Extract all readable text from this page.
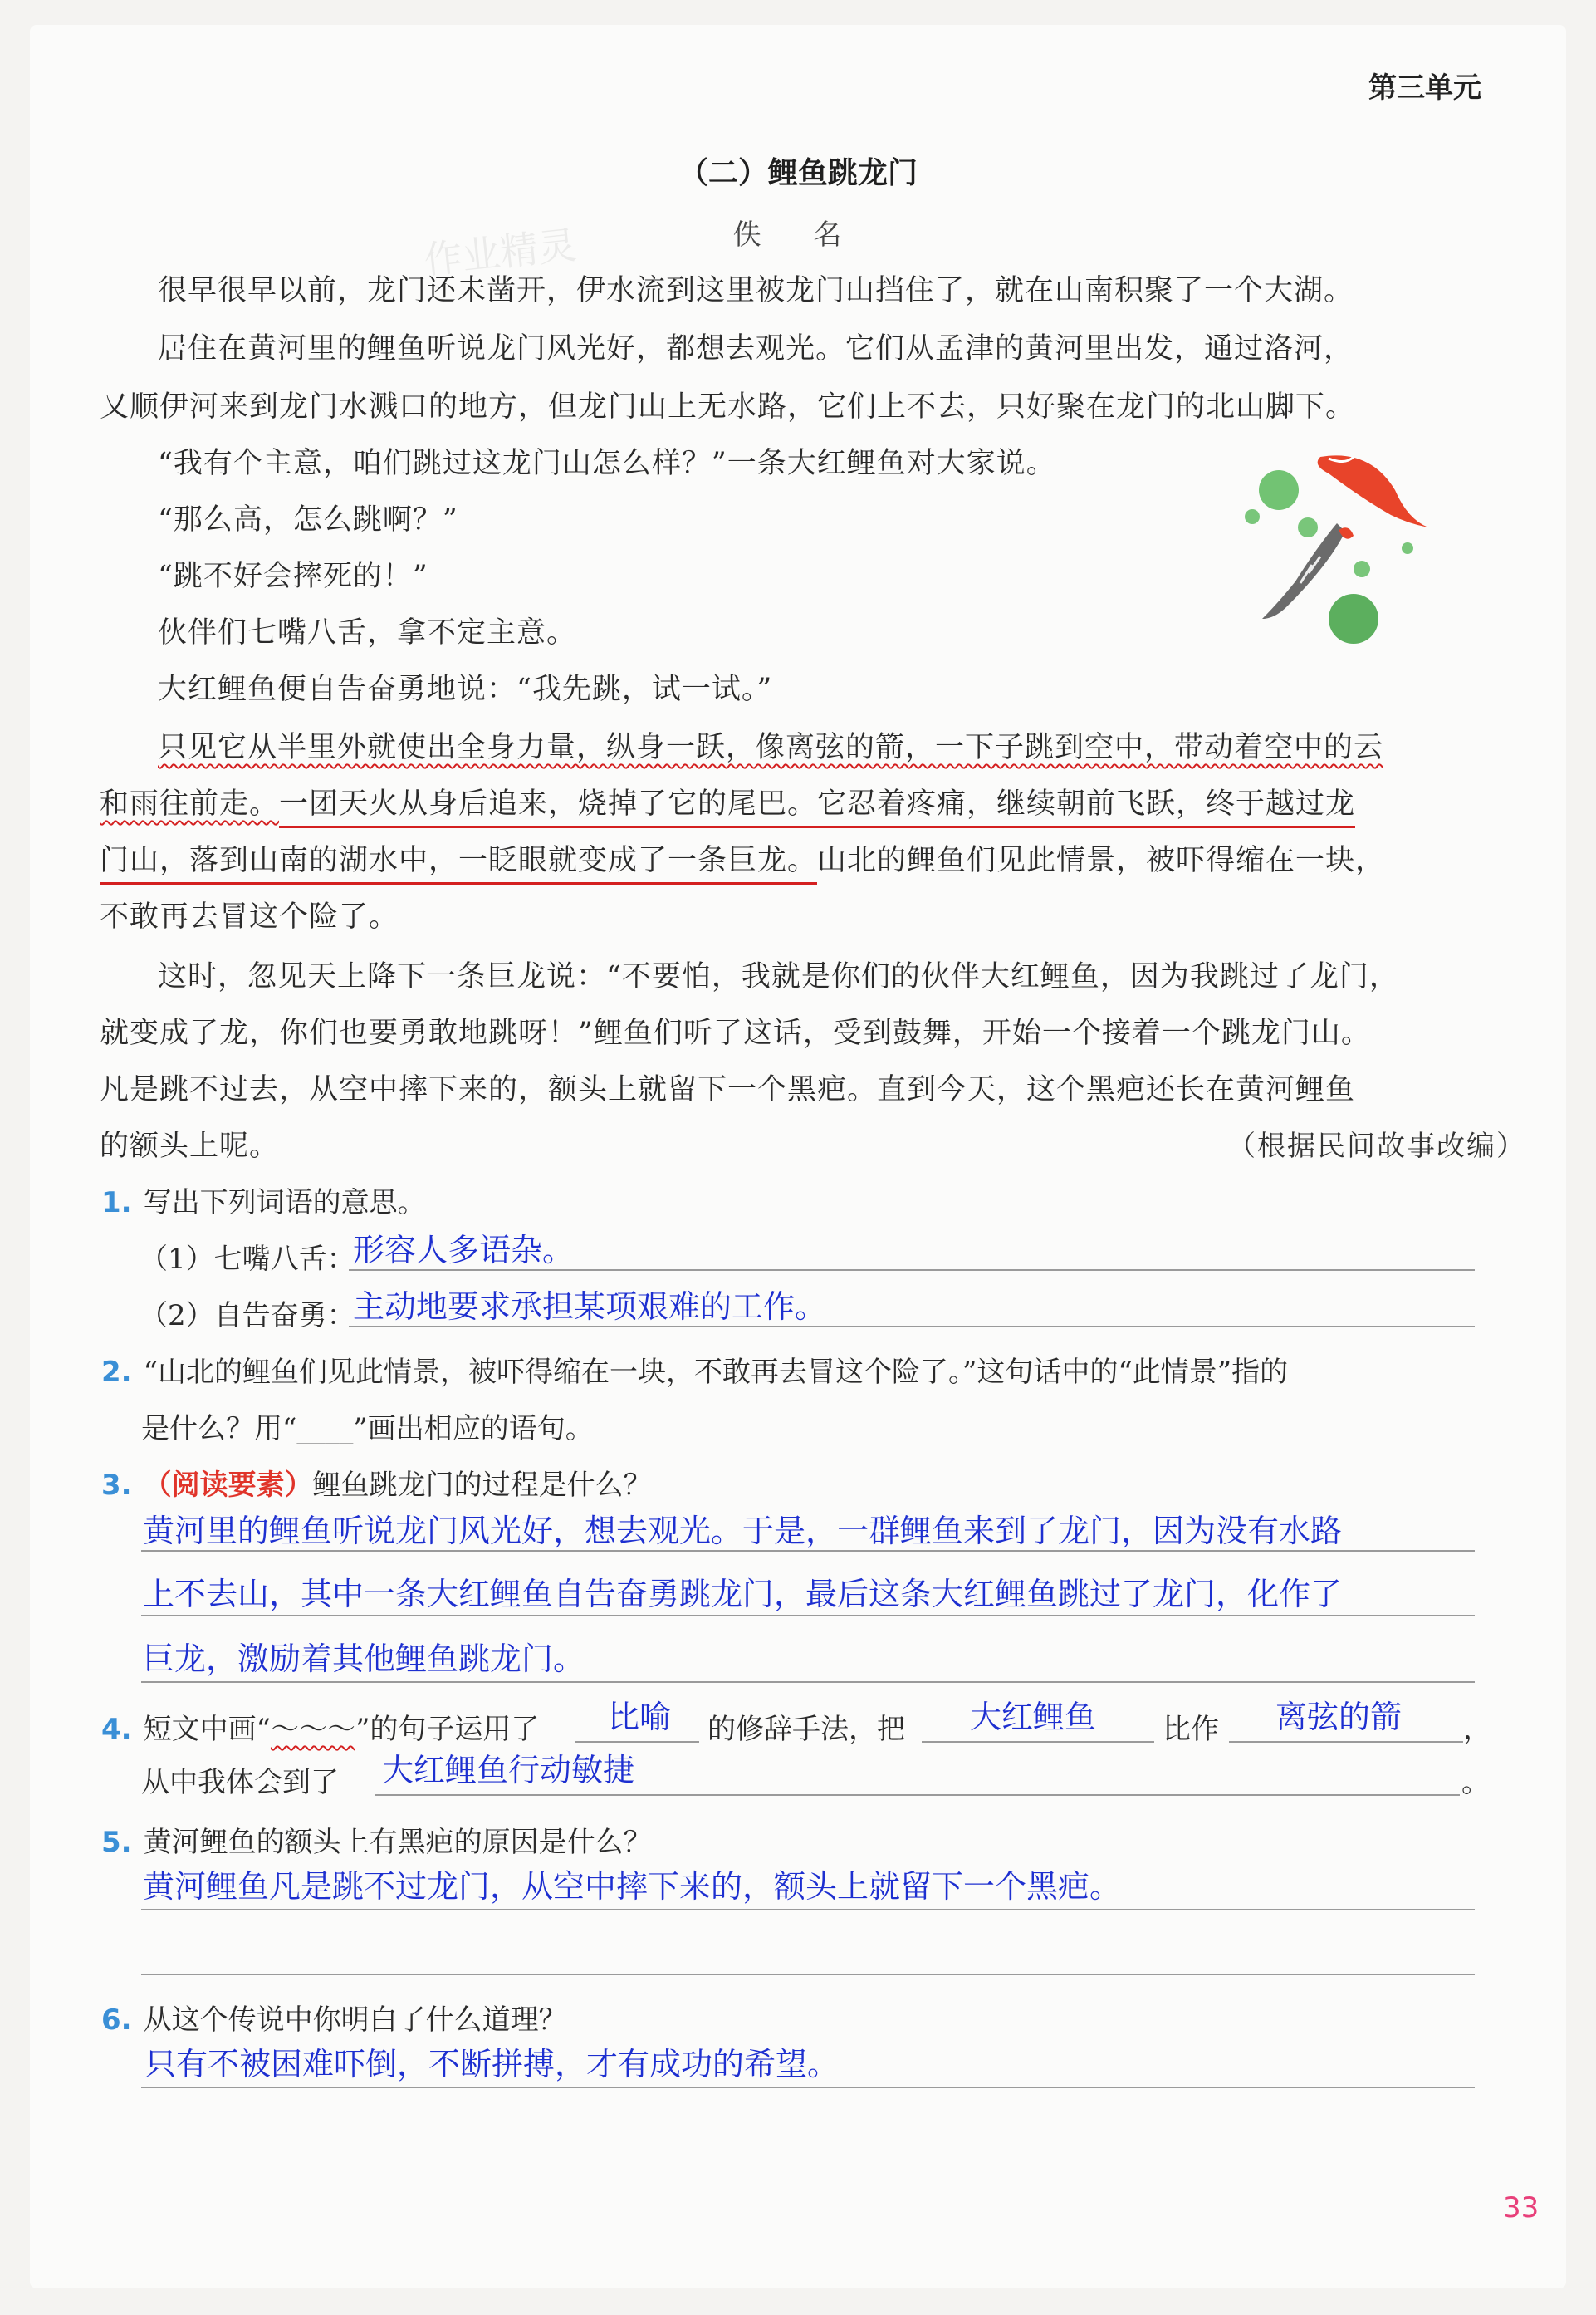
第三单元
（二）鲤鱼跳龙门
佚 名
作业精灵
很早很早以前，龙门还未凿开，伊水流到这里被龙门山挡住了，就在山南积聚了一个大湖。
居住在黄河里的鲤鱼听说龙门风光好，都想去观光。它们从孟津的黄河里出发，通过洛河，
又顺伊河来到龙门水溅口的地方，但龙门山上无水路，它们上不去，只好聚在龙门的北山脚下。
“我有个主意，咱们跳过这龙门山怎么样？”一条大红鲤鱼对大家说。
“那么高，怎么跳啊？”
“跳不好会摔死的！”
伙伴们七嘴八舌，拿不定主意。
大红鲤鱼便自告奋勇地说：“我先跳，试一试。”
只见它从半里外就使出全身力量，纵身一跃，像离弦的箭，一下子跳到空中，带动着空中的云
和雨往前走。一团天火从身后追来，烧掉了它的尾巴。它忍着疼痛，继续朝前飞跃，终于越过龙
门山，落到山南的湖水中，一眨眼就变成了一条巨龙。山北的鲤鱼们见此情景，被吓得缩在一块，
不敢再去冒这个险了。
这时，忽见天上降下一条巨龙说：“不要怕，我就是你们的伙伴大红鲤鱼，因为我跳过了龙门，
就变成了龙，你们也要勇敢地跳呀！”鲤鱼们听了这话，受到鼓舞，开始一个接着一个跳龙门山。
凡是跳不过去，从空中摔下来的，额头上就留下一个黑疤。直到今天，这个黑疤还长在黄河鲤鱼
的额头上呢。	（根据民间故事改编）
1. 写出下列词语的意思。
（1）七嘴八舌：
形容人多语杂。
（2）自告奋勇：
主动地要求承担某项艰难的工作。
2. “山北的鲤鱼们见此情景，被吓得缩在一块，不敢再去冒这个险了。”这句话中的“此情景”指的
是什么？用“____”画出相应的语句。
3. （阅读要素）鲤鱼跳龙门的过程是什么？
黄河里的鲤鱼听说龙门风光好，想去观光。于是，一群鲤鱼来到了龙门，因为没有水路
上不去山，其中一条大红鲤鱼自告奋勇跳龙门，最后这条大红鲤鱼跳过了龙门，化作了
巨龙，激励着其他鲤鱼跳龙门。
4. 短文中画“～～～”的句子运用了 比喻 的修辞手法，把 大红鲤鱼 比作 离弦的箭 ，
从中我体会到了 大红鲤鱼行动敏捷	。
5. 黄河鲤鱼的额头上有黑疤的原因是什么？
黄河鲤鱼凡是跳不过龙门，从空中摔下来的，额头上就留下一个黑疤。
6. 从这个传说中你明白了什么道理？
只有不被困难吓倒，不断拼搏，才有成功的希望。
33
